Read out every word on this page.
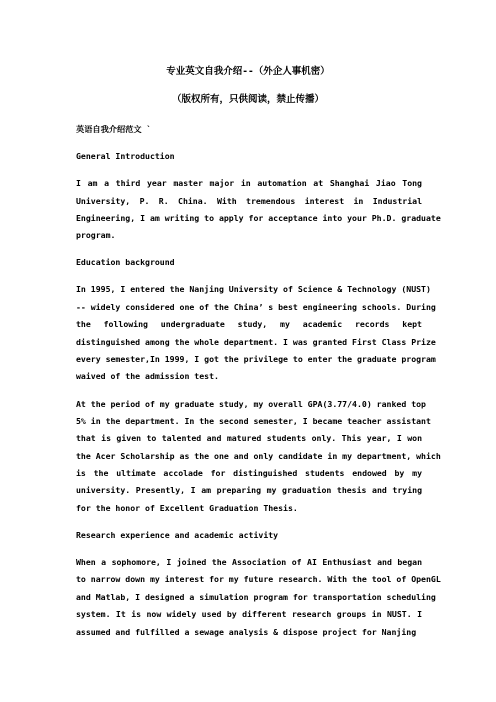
专业英文自我介绍--（外企人事机密）
（版权所有，只供阅读，禁止传播）
英语自我介绍范文 `
General Introduction
I am a third year master major in automation at Shanghai Jiao Tong
University, P. R. China. With tremendous interest in Industrial
Engineering, I am writing to apply for acceptance into your Ph.D. graduate
program.
Education background
In 1995, I entered the Nanjing University of Science & Technology (NUST)
-- widely considered one of the China’ s best engineering schools. During
the following undergraduate study, my academic records kept
distinguished among the whole department. I was granted First Class Prize
every semester,In 1999, I got the privilege to enter the graduate program
waived of the admission test.
At the period of my graduate study, my overall GPA(3.77/4.0) ranked top
5% in the department. In the second semester, I became teacher assistant
that is given to talented and matured students only. This year, I won
the Acer Scholarship as the one and only candidate in my department, which
is the ultimate accolade for distinguished students endowed by my
university. Presently, I am preparing my graduation thesis and trying
for the honor of Excellent Graduation Thesis.
Research experience and academic activity
When a sophomore, I joined the Association of AI Enthusiast and began
to narrow down my interest for my future research. With the tool of OpenGL
and Matlab, I designed a simulation program for transportation scheduling
system. It is now widely used by different research groups in NUST. I
assumed and fulfilled a sewage analysis & dispose project for Nanjing
